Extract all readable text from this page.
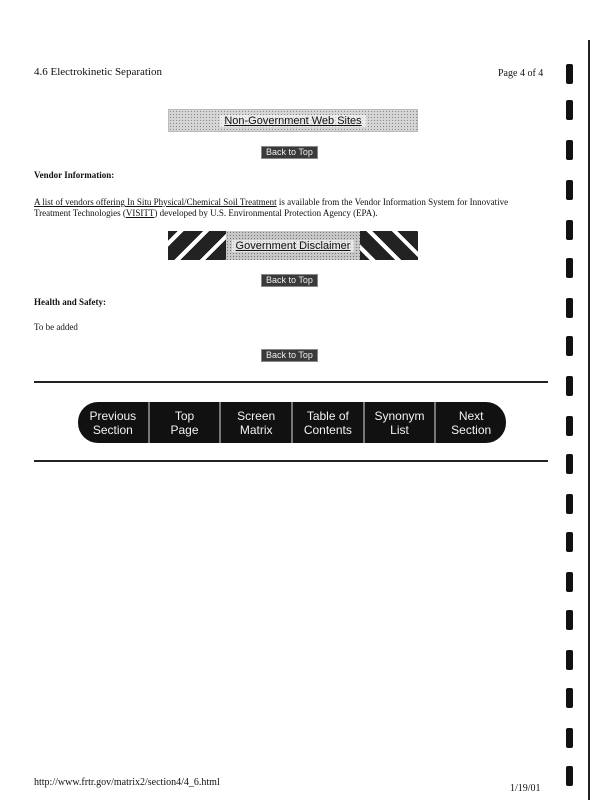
4.6 Electrokinetic Separation	Page 4 of 4
Non-Government Web Sites
Back to Top
Vendor Information:
A list of vendors offering In Situ Physical/Chemical Soil Treatment is available from the Vendor Information System for Innovative Treatment Technologies (VISITT) developed by U.S. Environmental Protection Agency (EPA).
Government Disclaimer
Back to Top
Health and Safety:
To be added
Back to Top
Previous
Section
Top
Page
Screen
Matrix
Table of
Contents
Synonym
List
Next
Section
http://www.frtr.gov/matrix2/section4/4_6.html
1/19/01
